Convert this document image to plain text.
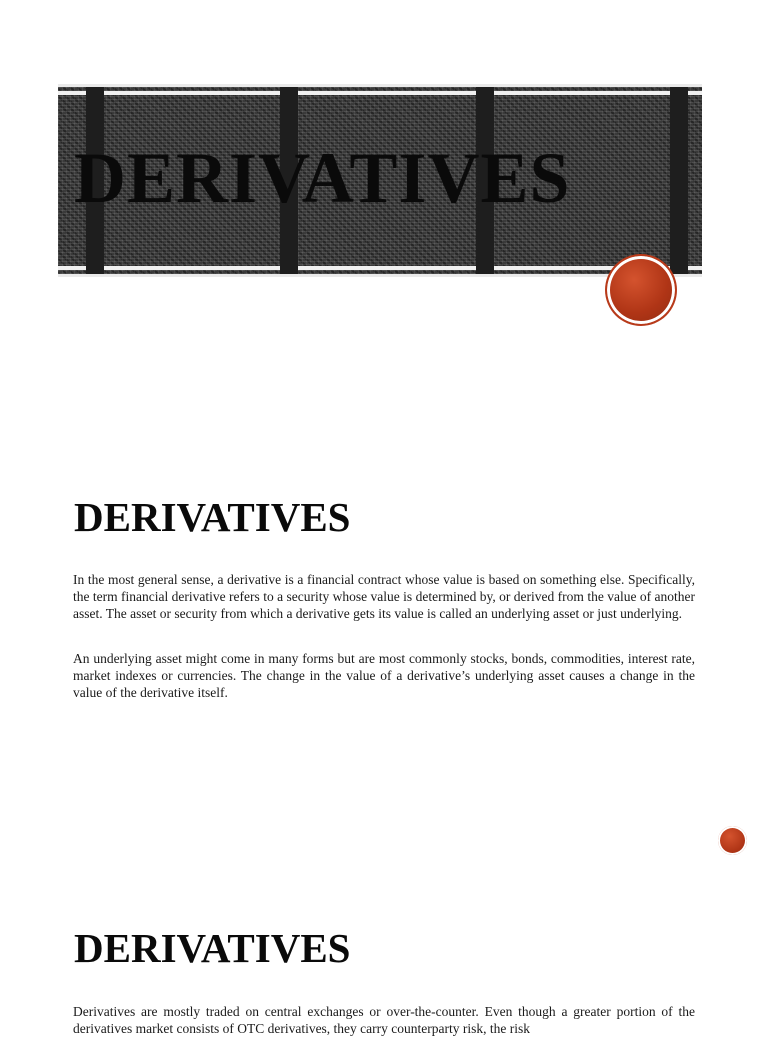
DERIVATIVES
DERIVATIVES

In the most general sense, a derivative is a financial contract whose value is based on something else. Specifically, the term financial derivative refers to a security whose value is determined by, or derived from the value of another asset. The asset or security from which a derivative gets its value is called an underlying asset or just underlying.

An underlying asset might come in many forms but are most commonly stocks, bonds, commodities, interest rate, market indexes or currencies. The change in the value of a derivative’s underlying asset causes a change in the value of the derivative itself.

DERIVATIVES

Derivatives are mostly traded on central exchanges or over-the-counter. Even though a greater portion of the derivatives market consists of OTC derivatives, they carry counterparty risk, the risk
